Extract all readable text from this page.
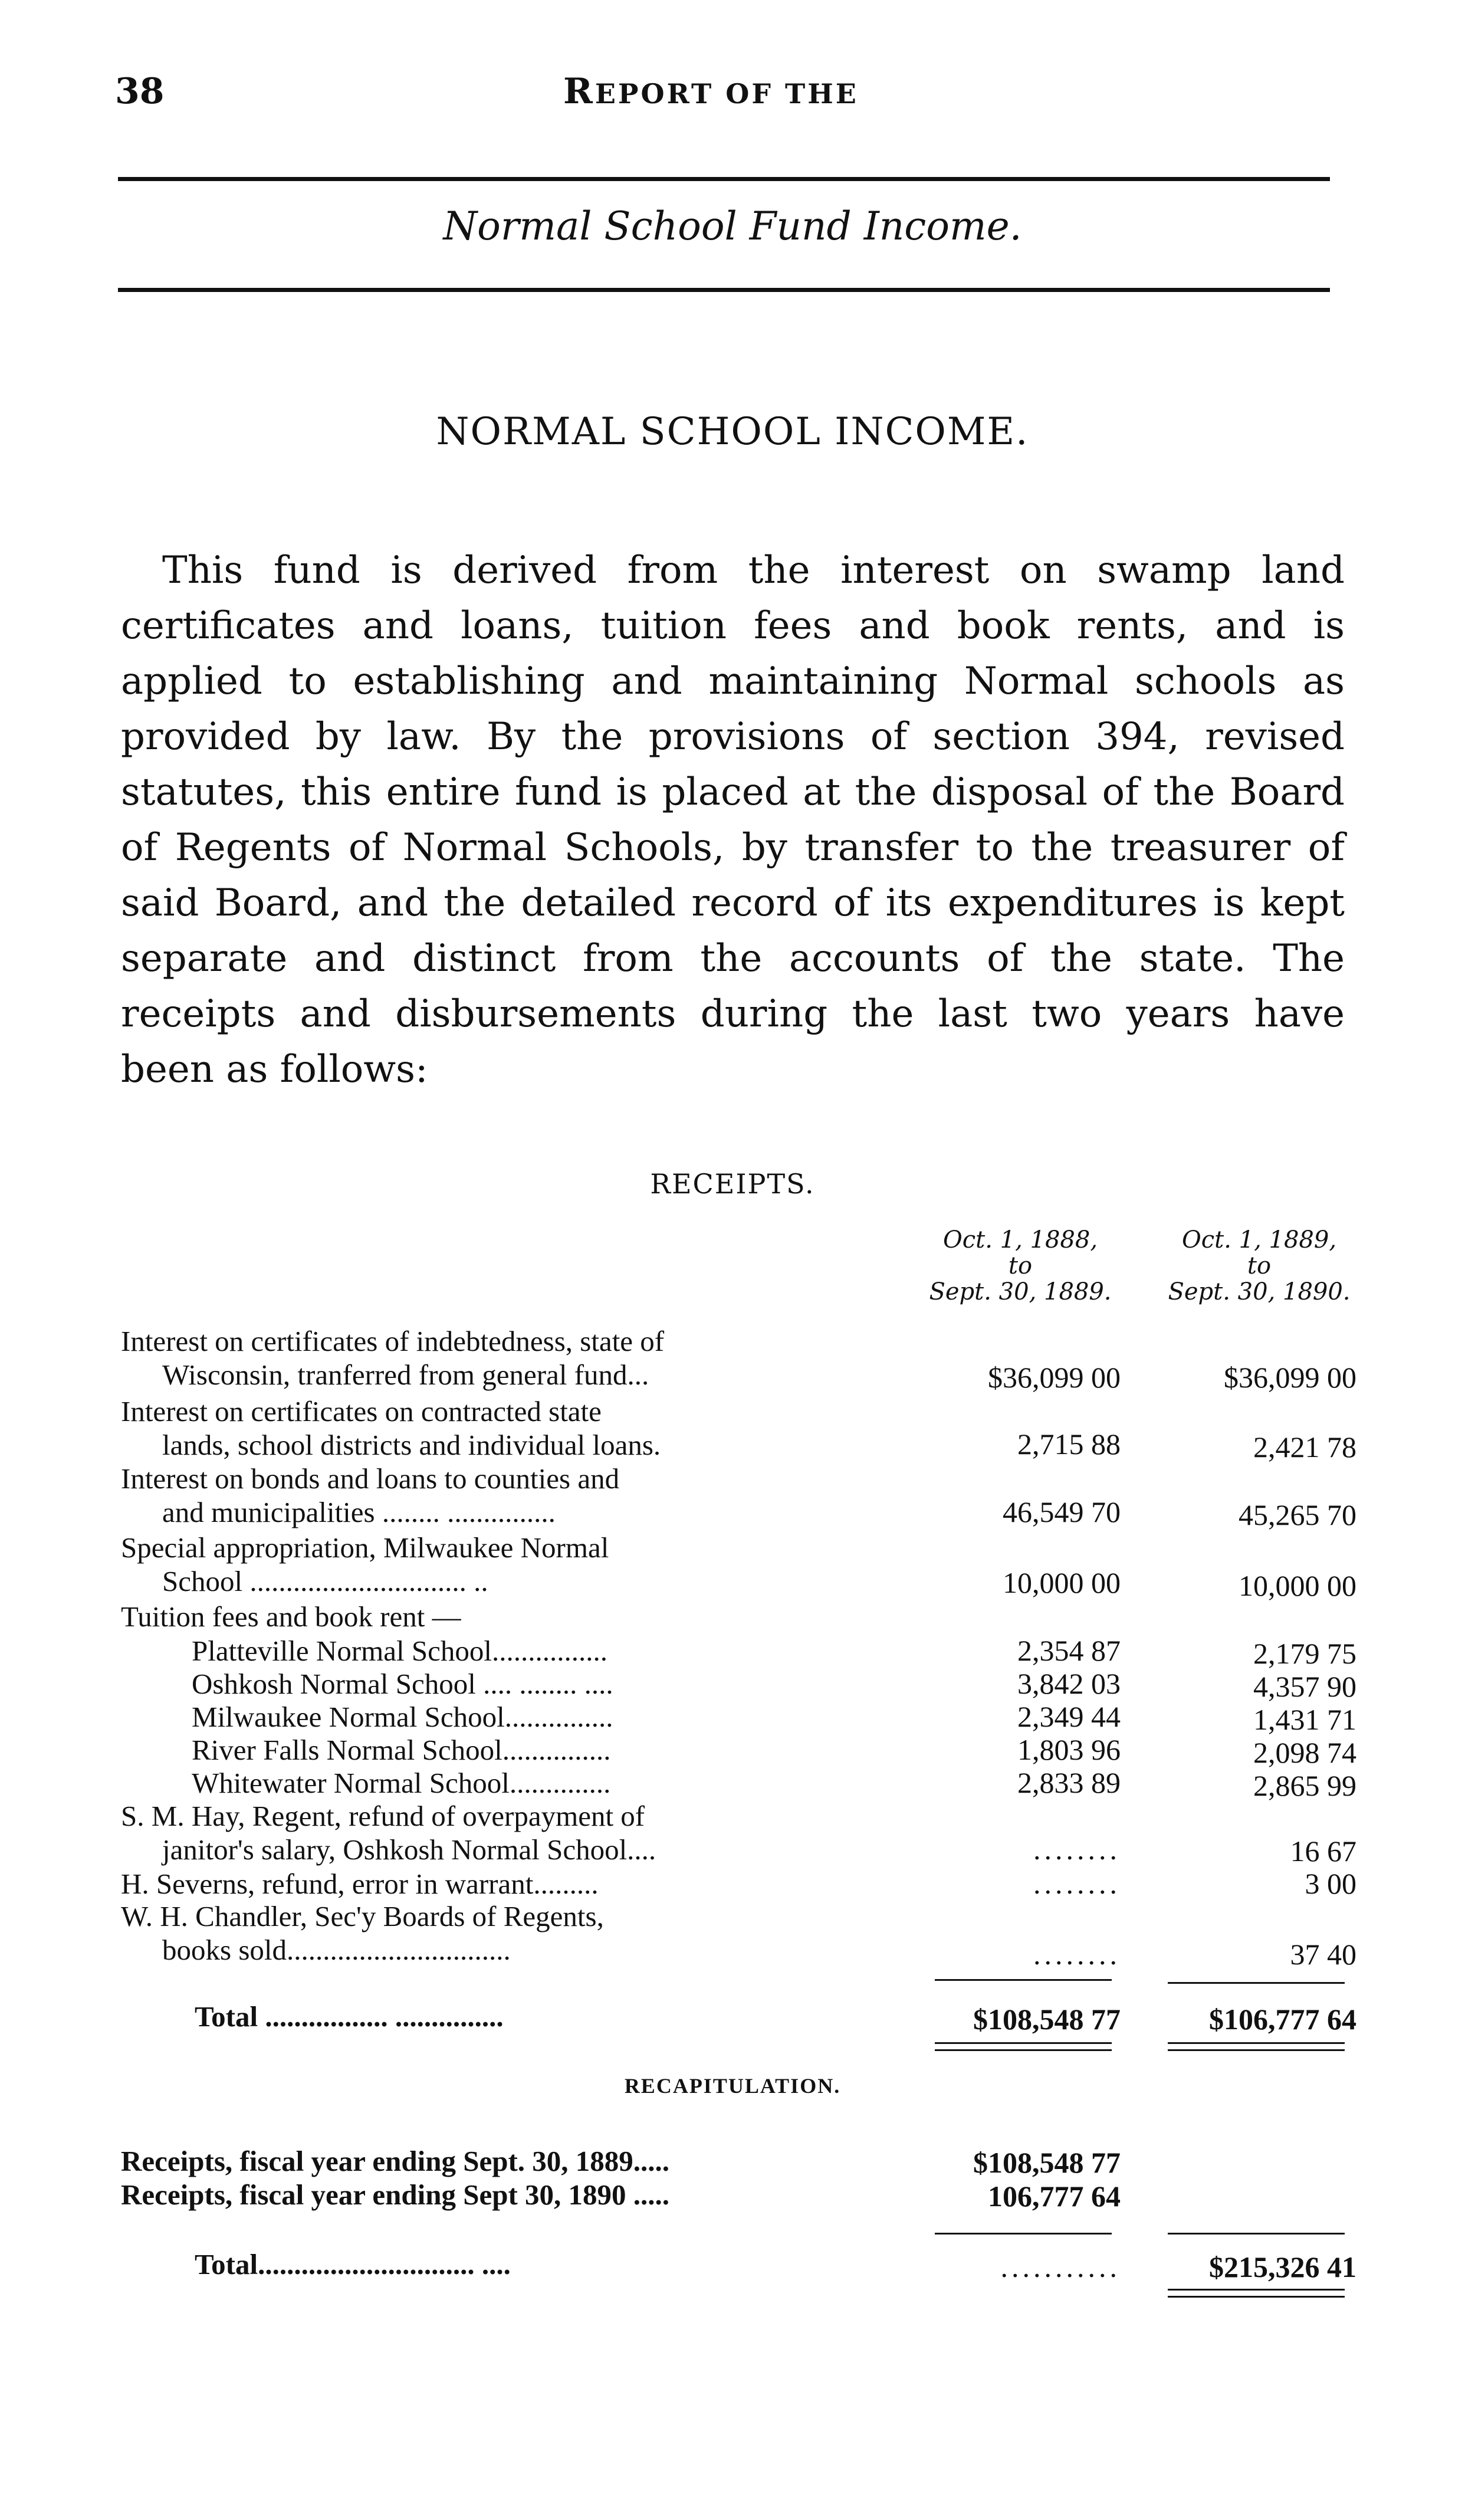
38	REPORT OF THE
Normal School Fund Income.
NORMAL SCHOOL INCOME.

This fund is derived from the interest on swamp land certificates and loans, tuition fees and book rents, and is applied to establishing and maintaining Normal schools as provided by law. By the provisions of section 394, revised statutes, this entire fund is placed at the disposal of the Board of Regents of Normal Schools, by transfer to the treasurer of said Board, and the detailed record of its expenditures is kept separate and distinct from the accounts of the state. The receipts and disbursements during the last two years have been as follows:

RECEIPTS.
Oct. 1, 1888,
to
Sept. 30, 1889.
Oct. 1, 1889,
to
Sept. 30, 1890.
Interest on certificates of indebtedness, state of
Wisconsin, tranferred from general fund...	$36,099 00	$36,099 00
Interest on certificates on contracted state
lands, school districts and individual loans.	2,715 88	2,421 78
Interest on bonds and loans to counties and
and municipalities ........ ...............	46,549 70	45,265 70
Special appropriation, Milwaukee Normal
School .............................. ..	10,000 00	10,000 00
Tuition fees and book rent —
Platteville Normal School................	2,354 87	2,179 75
Oshkosh Normal School .... ........ ....	3,842 03	4,357 90
Milwaukee Normal School...............	2,349 44	1,431 71
River Falls Normal School...............	1,803 96	2,098 74
Whitewater Normal School..............	2,833 89	2,865 99
S. M. Hay, Regent, refund of overpayment of
janitor's salary, Oshkosh Normal School....	........	16 67
H. Severns, refund, error in warrant.........	........	3 00
W. H. Chandler, Sec'y Boards of Regents,
books sold...............................	........	37 40
Total ................. ...............	$108,548 77	$106,777 64
RECAPITULATION.
Receipts, fiscal year ending Sept. 30, 1889.....	$108,548 77
Receipts, fiscal year ending Sept 30, 1890 .....	106,777 64
Total.............................. ....	...........	$215,326 41
